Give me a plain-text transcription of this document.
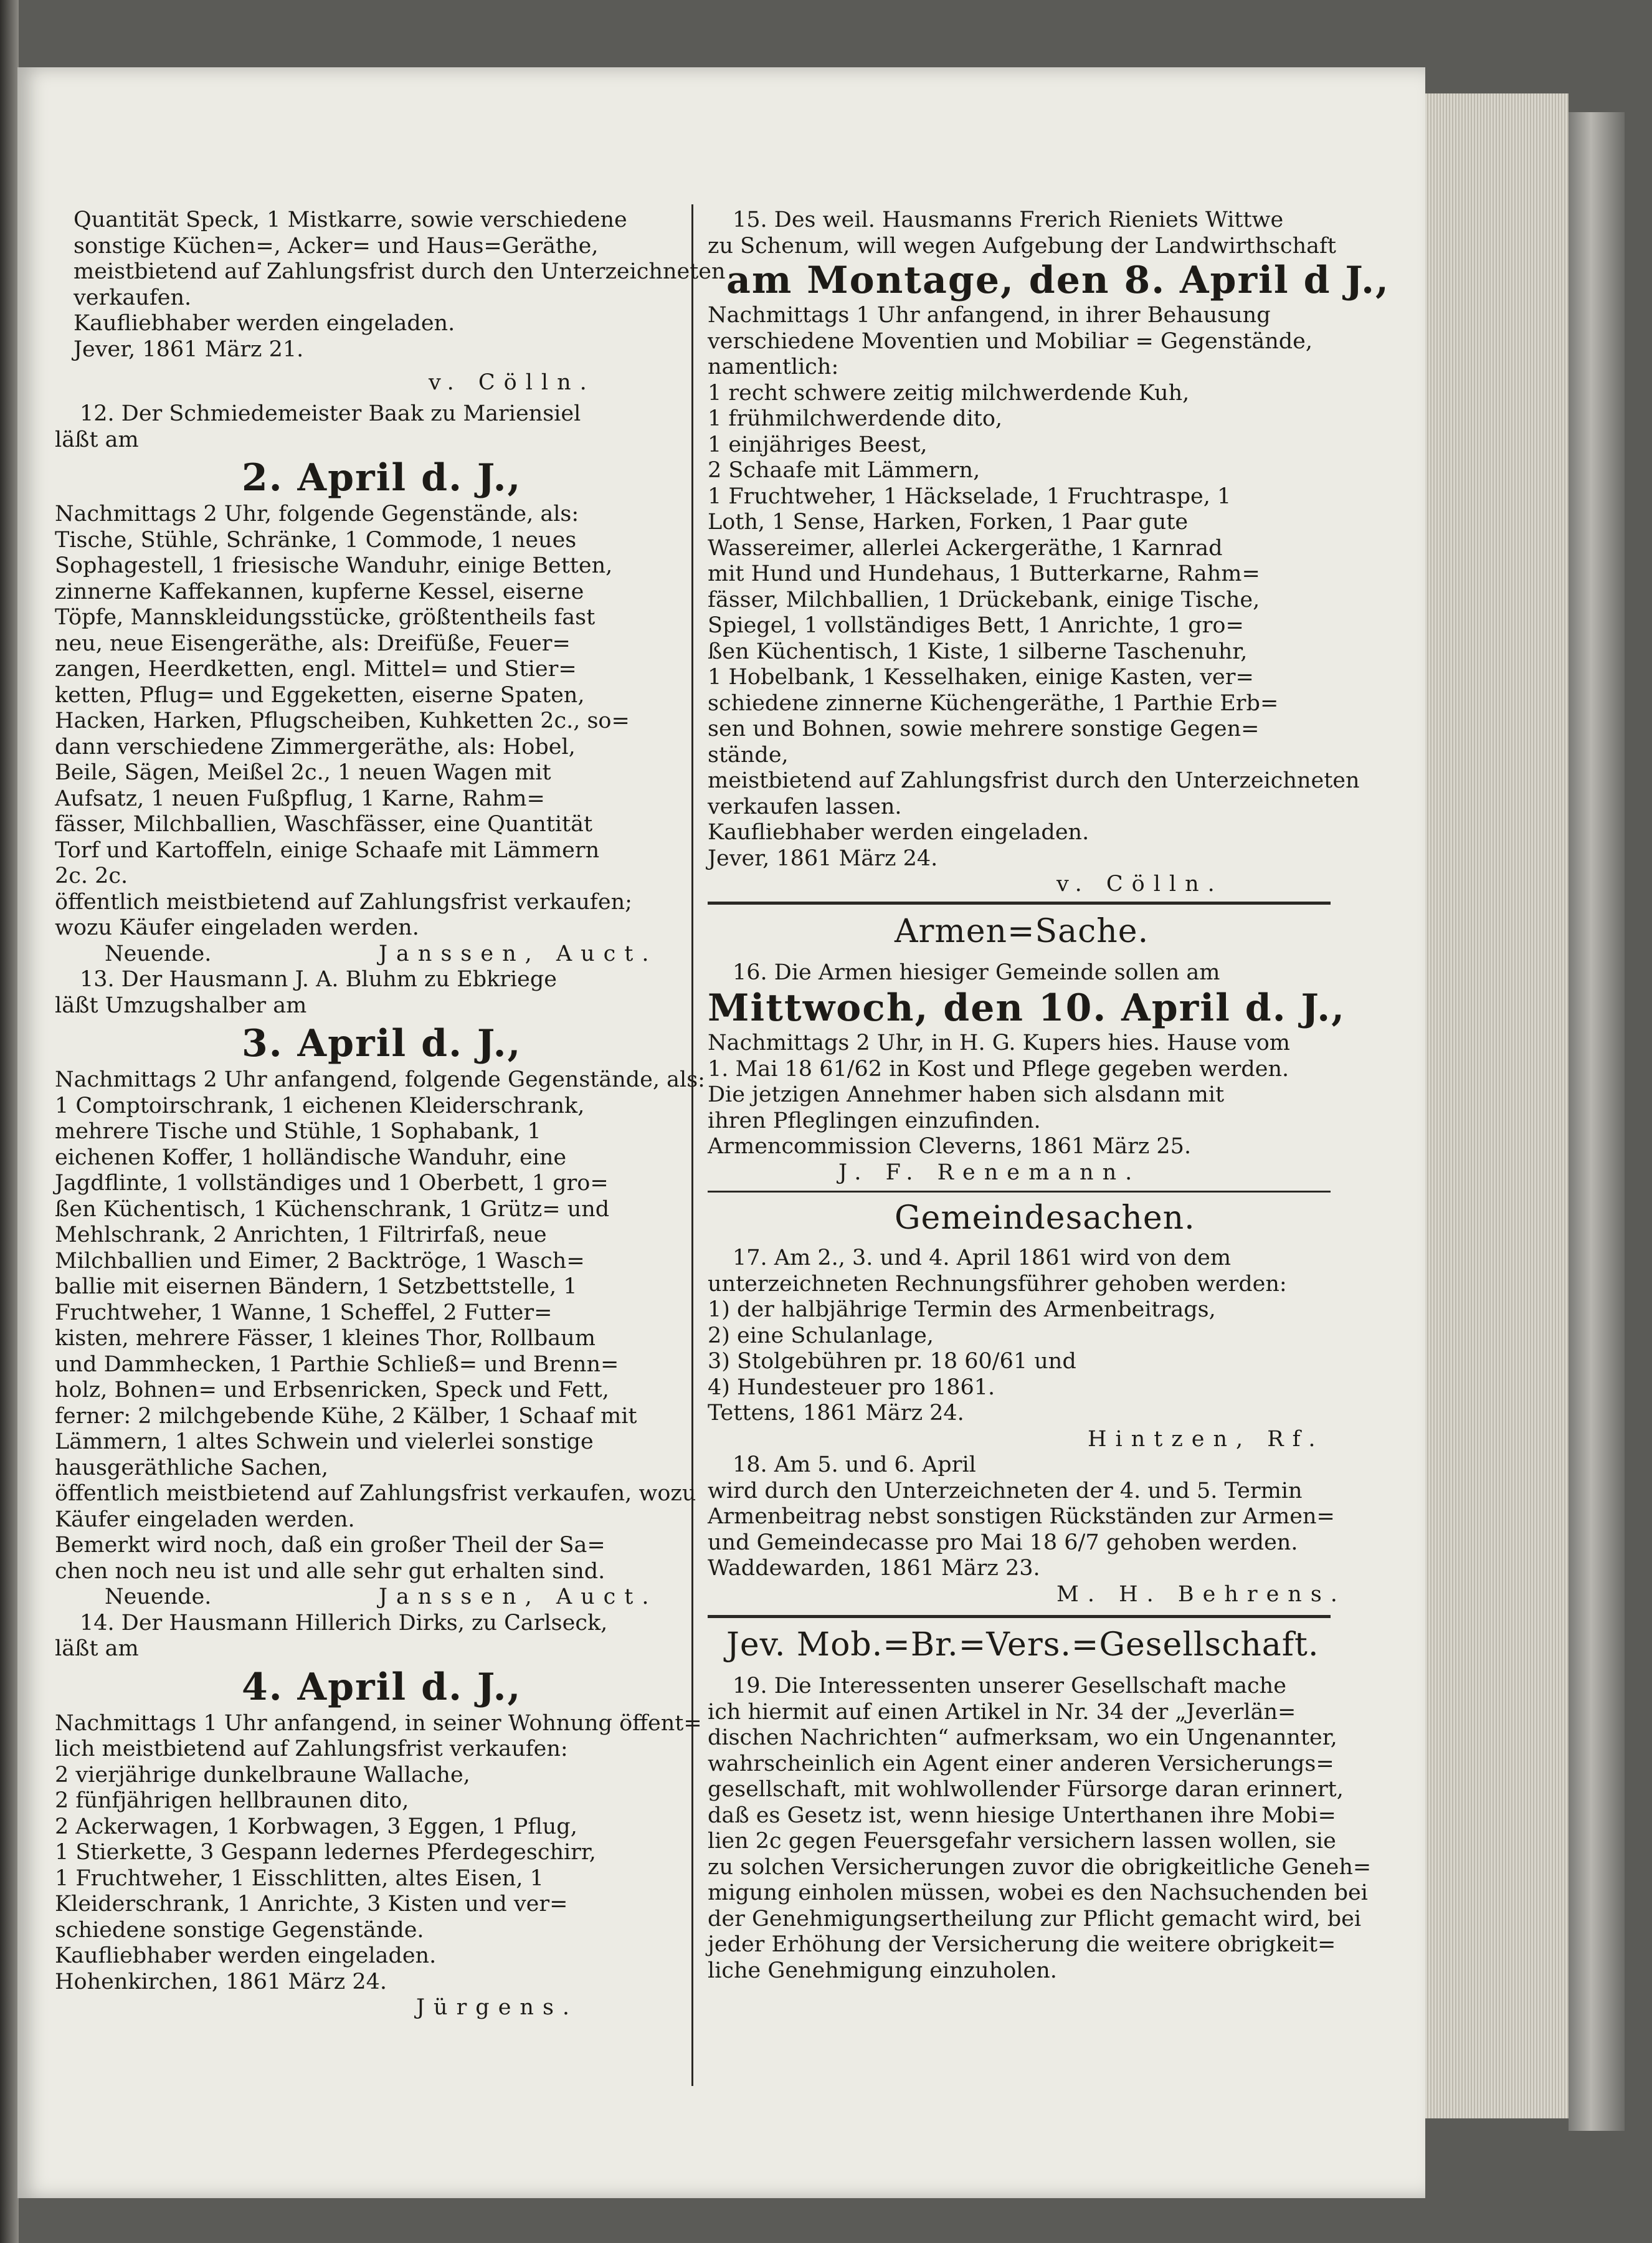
Quantität Speck, 1 Mistkarre, sowie verschiedene
sonstige Küchen=, Acker= und Haus=Geräthe,
meistbietend auf Zahlungsfrist durch den Unterzeichneten
verkaufen.
Kaufliebhaber werden eingeladen.
Jever, 1861 März 21.
v. Cölln.
12. Der Schmiedemeister Baak zu Mariensiel
läßt am
2. April d. J.,
Nachmittags 2 Uhr, folgende Gegenstände, als:
Tische, Stühle, Schränke, 1 Commode, 1 neues
Sophagestell, 1 friesische Wanduhr, einige Betten,
zinnerne Kaffekannen, kupferne Kessel, eiserne
Töpfe, Mannskleidungsstücke, größtentheils fast
neu, neue Eisengeräthe, als: Dreifüße, Feuer=
zangen, Heerdketten, engl. Mittel= und Stier=
ketten, Pflug= und Eggeketten, eiserne Spaten,
Hacken, Harken, Pflugscheiben, Kuhketten 2c., so=
dann verschiedene Zimmergeräthe, als: Hobel,
Beile, Sägen, Meißel 2c., 1 neuen Wagen mit
Aufsatz, 1 neuen Fußpflug, 1 Karne, Rahm=
fässer, Milchballien, Waschfässer, eine Quantität
Torf und Kartoffeln, einige Schaafe mit Lämmern
2c. 2c.
öffentlich meistbietend auf Zahlungsfrist verkaufen;
wozu Käufer eingeladen werden.
Neuende.	Janssen, Auct.
13. Der Hausmann J. A. Bluhm zu Ebkriege
läßt Umzugshalber am
3. April d. J.,
Nachmittags 2 Uhr anfangend, folgende Gegenstände, als:
1 Comptoirschrank, 1 eichenen Kleiderschrank,
mehrere Tische und Stühle, 1 Sophabank, 1
eichenen Koffer, 1 holländische Wanduhr, eine
Jagdflinte, 1 vollständiges und 1 Oberbett, 1 gro=
ßen Küchentisch, 1 Küchenschrank, 1 Grütz= und
Mehlschrank, 2 Anrichten, 1 Filtrirfaß, neue
Milchballien und Eimer, 2 Backtröge, 1 Wasch=
ballie mit eisernen Bändern, 1 Setzbettstelle, 1
Fruchtweher, 1 Wanne, 1 Scheffel, 2 Futter=
kisten, mehrere Fässer, 1 kleines Thor, Rollbaum
und Dammhecken, 1 Parthie Schließ= und Brenn=
holz, Bohnen= und Erbsenricken, Speck und Fett,
ferner: 2 milchgebende Kühe, 2 Kälber, 1 Schaaf mit
Lämmern, 1 altes Schwein und vielerlei sonstige
hausgeräthliche Sachen,
öffentlich meistbietend auf Zahlungsfrist verkaufen, wozu
Käufer eingeladen werden.
Bemerkt wird noch, daß ein großer Theil der Sa=
chen noch neu ist und alle sehr gut erhalten sind.
Neuende.	Janssen, Auct.
14. Der Hausmann Hillerich Dirks, zu Carlseck,
läßt am
4. April d. J.,
Nachmittags 1 Uhr anfangend, in seiner Wohnung öffent=
lich meistbietend auf Zahlungsfrist verkaufen:
2 vierjährige dunkelbraune Wallache,
2 fünfjährigen hellbraunen dito,
2 Ackerwagen, 1 Korbwagen, 3 Eggen, 1 Pflug,
1 Stierkette, 3 Gespann ledernes Pferdegeschirr,
1 Fruchtweher, 1 Eisschlitten, altes Eisen, 1
Kleiderschrank, 1 Anrichte, 3 Kisten und ver=
schiedene sonstige Gegenstände.
Kaufliebhaber werden eingeladen.
Hohenkirchen, 1861 März 24.
Jürgens.
15. Des weil. Hausmanns Frerich Rieniets Wittwe
zu Schenum, will wegen Aufgebung der Landwirthschaft
am Montage, den 8. April d J.,
Nachmittags 1 Uhr anfangend, in ihrer Behausung
verschiedene Moventien und Mobiliar = Gegenstände,
namentlich:
1 recht schwere zeitig milchwerdende Kuh,
1 frühmilchwerdende dito,
1 einjähriges Beest,
2 Schaafe mit Lämmern,
1 Fruchtweher, 1 Häckselade, 1 Fruchtraspe, 1
Loth, 1 Sense, Harken, Forken, 1 Paar gute
Wassereimer, allerlei Ackergeräthe, 1 Karnrad
mit Hund und Hundehaus, 1 Butterkarne, Rahm=
fässer, Milchballien, 1 Drückebank, einige Tische,
Spiegel, 1 vollständiges Bett, 1 Anrichte, 1 gro=
ßen Küchentisch, 1 Kiste, 1 silberne Taschenuhr,
1 Hobelbank, 1 Kesselhaken, einige Kasten, ver=
schiedene zinnerne Küchengeräthe, 1 Parthie Erb=
sen und Bohnen, sowie mehrere sonstige Gegen=
stände,
meistbietend auf Zahlungsfrist durch den Unterzeichneten
verkaufen lassen.
Kaufliebhaber werden eingeladen.
Jever, 1861 März 24.
v. Cölln.
Armen=Sache.
16. Die Armen hiesiger Gemeinde sollen am
Mittwoch, den 10. April d. J.,
Nachmittags 2 Uhr, in H. G. Kupers hies. Hause vom
1. Mai 18 61/62 in Kost und Pflege gegeben werden.
Die jetzigen Annehmer haben sich alsdann mit
ihren Pfleglingen einzufinden.
Armencommission Cleverns, 1861 März 25.
J. F. Renemann.
Gemeindesachen.
17. Am 2., 3. und 4. April 1861 wird von dem
unterzeichneten Rechnungsführer gehoben werden:
1) der halbjährige Termin des Armenbeitrags,
2) eine Schulanlage,
3) Stolgebühren pr. 18 60/61 und
4) Hundesteuer pro 1861.
Tettens, 1861 März 24.
Hintzen, Rf.
18. Am 5. und 6. April
wird durch den Unterzeichneten der 4. und 5. Termin
Armenbeitrag nebst sonstigen Rückständen zur Armen=
und Gemeindecasse pro Mai 18 6/7 gehoben werden.
Waddewarden, 1861 März 23.
M. H. Behrens.
Jev. Mob.=Br.=Vers.=Gesellschaft.
19. Die Interessenten unserer Gesellschaft mache
ich hiermit auf einen Artikel in Nr. 34 der „Jeverlän=
dischen Nachrichten“ aufmerksam, wo ein Ungenannter,
wahrscheinlich ein Agent einer anderen Versicherungs=
gesellschaft, mit wohlwollender Fürsorge daran erinnert,
daß es Gesetz ist, wenn hiesige Unterthanen ihre Mobi=
lien 2c gegen Feuersgefahr versichern lassen wollen, sie
zu solchen Versicherungen zuvor die obrigkeitliche Geneh=
migung einholen müssen, wobei es den Nachsuchenden bei
der Genehmigungsertheilung zur Pflicht gemacht wird, bei
jeder Erhöhung der Versicherung die weitere obrigkeit=
liche Genehmigung einzuholen.
